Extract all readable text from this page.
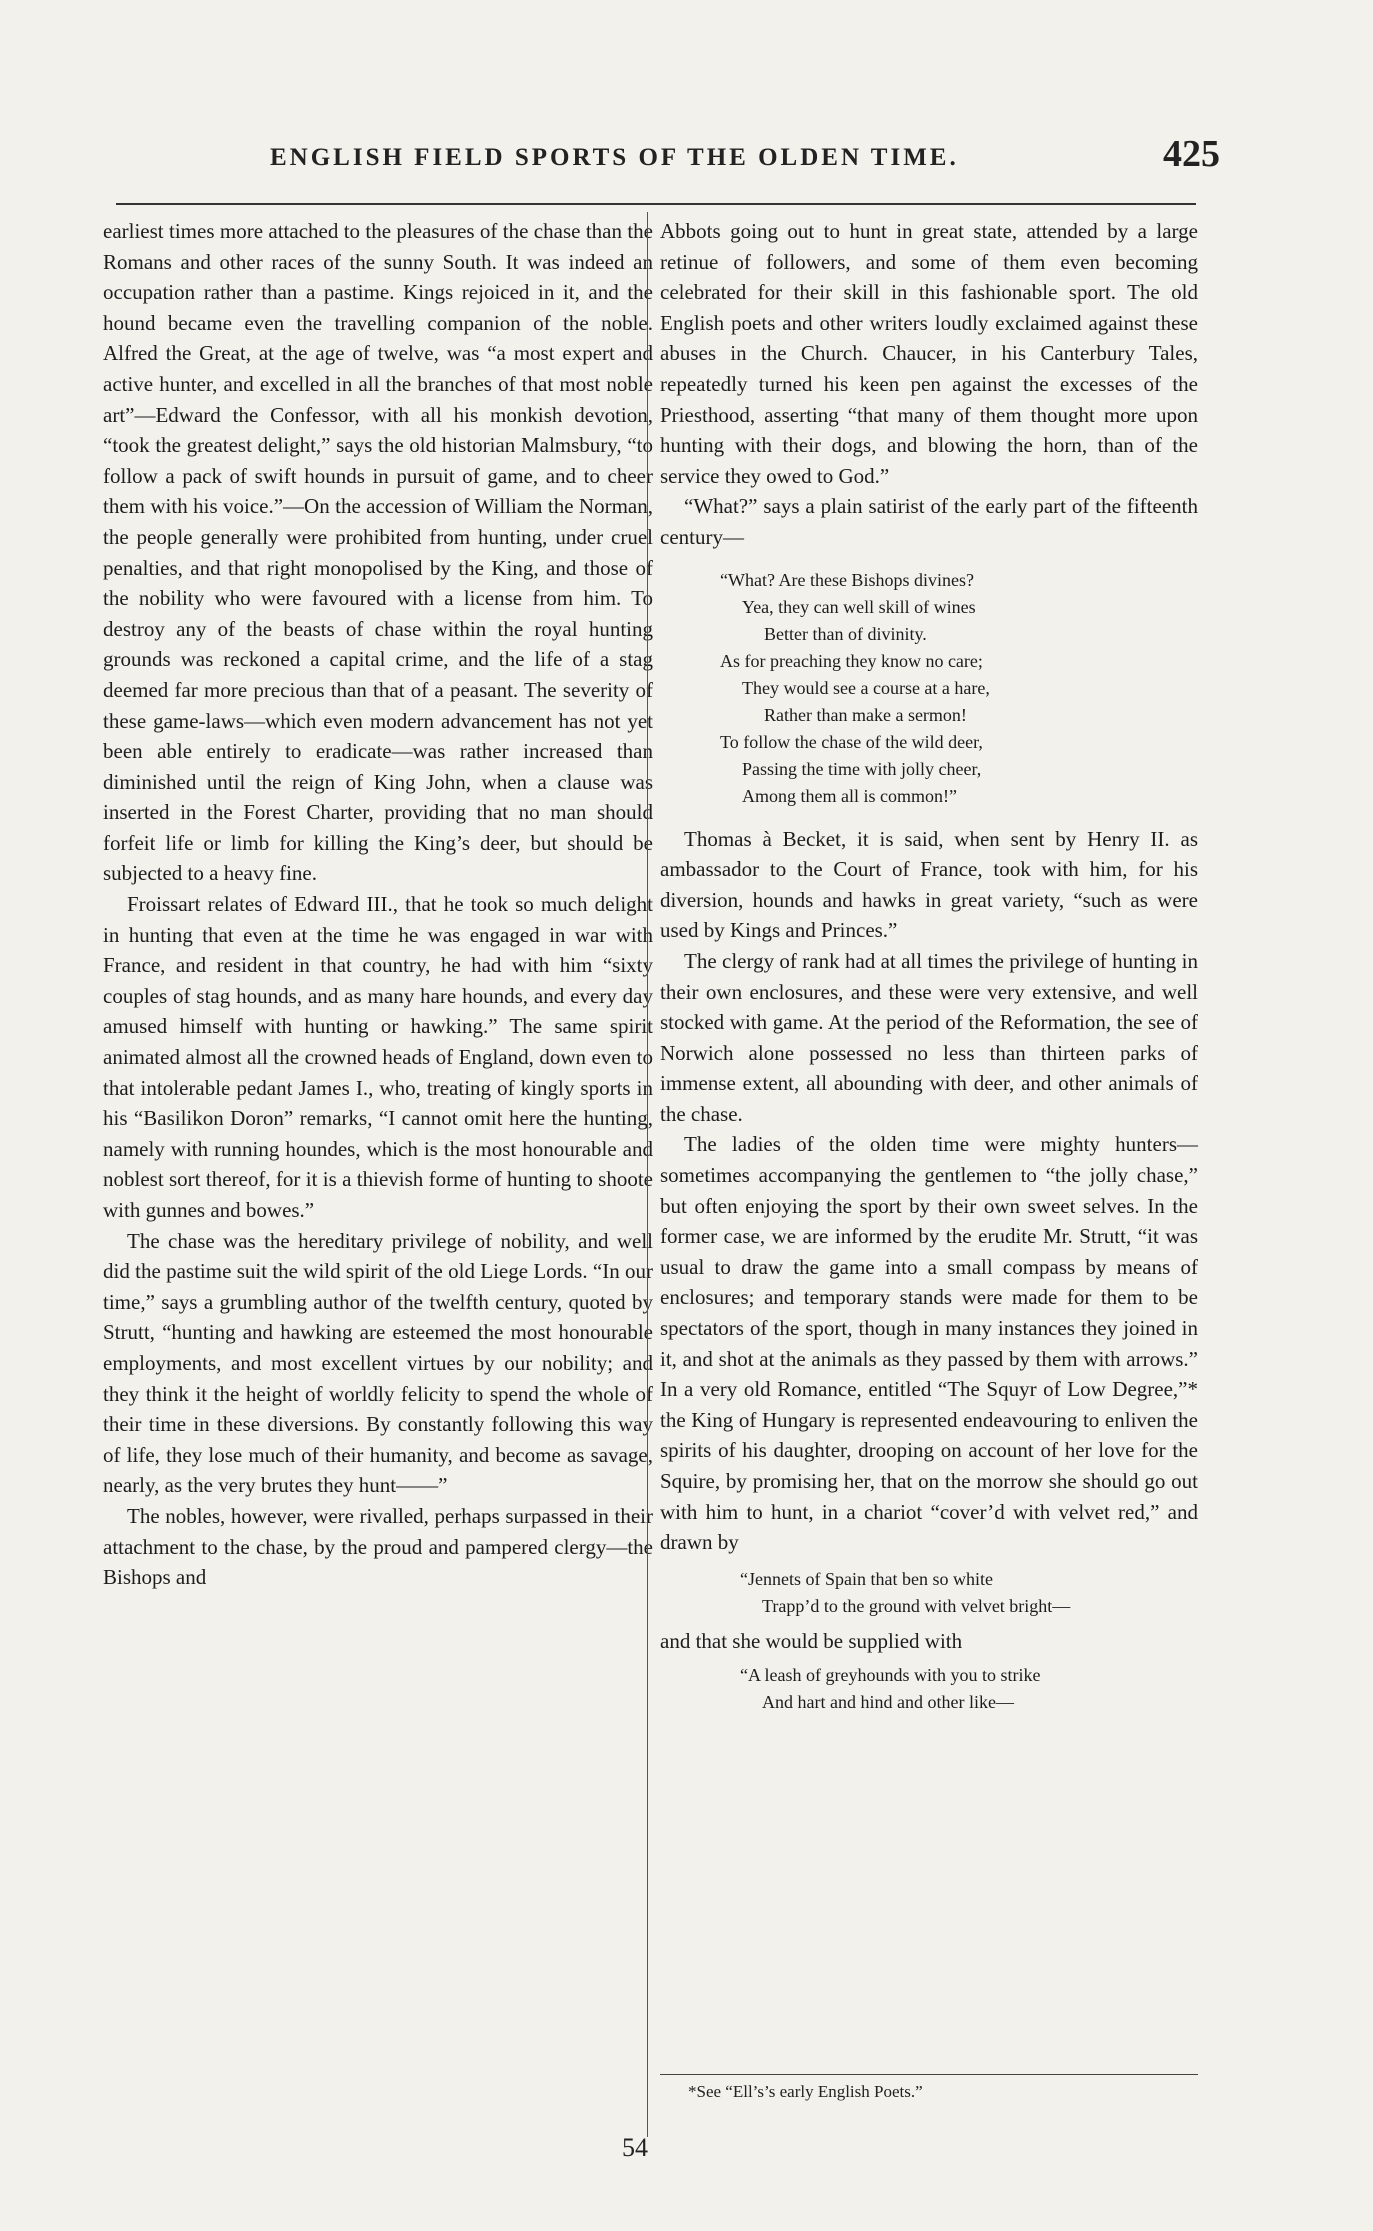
ENGLISH FIELD SPORTS OF THE OLDEN TIME.	425

earliest times more attached to the pleasures of the chase than the Romans and other races of the sunny South. It was indeed an occupation rather than a pastime. Kings rejoiced in it, and the hound became even the travelling companion of the noble. Alfred the Great, at the age of twelve, was “a most expert and active hunter, and excelled in all the branches of that most noble art”—Edward the Confessor, with all his monkish devotion, “took the greatest delight,” says the old historian Malmsbury, “to follow a pack of swift hounds in pursuit of game, and to cheer them with his voice.”—On the accession of William the Norman, the people generally were prohibited from hunting, under cruel penalties, and that right monopolised by the King, and those of the nobility who were favoured with a license from him. To destroy any of the beasts of chase within the royal hunting grounds was reckoned a capital crime, and the life of a stag deemed far more precious than that of a peasant. The severity of these game-laws—which even modern advancement has not yet been able entirely to eradicate—was rather increased than diminished until the reign of King John, when a clause was inserted in the Forest Charter, providing that no man should forfeit life or limb for killing the King’s deer, but should be subjected to a heavy fine.

Froissart relates of Edward III., that he took so much delight in hunting that even at the time he was engaged in war with France, and resident in that country, he had with him “sixty couples of stag hounds, and as many hare hounds, and every day amused himself with hunting or hawking.” The same spirit animated almost all the crowned heads of England, down even to that intolerable pedant James I., who, treating of kingly sports in his “Basilikon Doron” remarks, “I cannot omit here the hunting, namely with running houndes, which is the most honourable and noblest sort thereof, for it is a thievish forme of hunting to shoote with gunnes and bowes.”

The chase was the hereditary privilege of nobility, and well did the pastime suit the wild spirit of the old Liege Lords. “In our time,” says a grumbling author of the twelfth century, quoted by Strutt, “hunting and hawking are esteemed the most honourable employments, and most excellent virtues by our nobility; and they think it the height of worldly felicity to spend the whole of their time in these diversions. By constantly following this way of life, they lose much of their humanity, and become as savage, nearly, as the very brutes they hunt——”

The nobles, however, were rivalled, perhaps surpassed in their attachment to the chase, by the proud and pampered clergy—the Bishops and

Abbots going out to hunt in great state, attended by a large retinue of followers, and some of them even becoming celebrated for their skill in this fashionable sport. The old English poets and other writers loudly exclaimed against these abuses in the Church. Chaucer, in his Canterbury Tales, repeatedly turned his keen pen against the excesses of the Priesthood, asserting “that many of them thought more upon hunting with their dogs, and blowing the horn, than of the service they owed to God.”

“What?” says a plain satirist of the early part of the fifteenth century—

“What? Are these Bishops divines?
Yea, they can well skill of wines
Better than of divinity.
As for preaching they know no care;
They would see a course at a hare,
Rather than make a sermon!
To follow the chase of the wild deer,
Passing the time with jolly cheer,
Among them all is common!”

Thomas à Becket, it is said, when sent by Henry II. as ambassador to the Court of France, took with him, for his diversion, hounds and hawks in great variety, “such as were used by Kings and Princes.”

The clergy of rank had at all times the privilege of hunting in their own enclosures, and these were very extensive, and well stocked with game. At the period of the Reformation, the see of Norwich alone possessed no less than thirteen parks of immense extent, all abounding with deer, and other animals of the chase.

The ladies of the olden time were mighty hunters—sometimes accompanying the gentlemen to “the jolly chase,” but often enjoying the sport by their own sweet selves. In the former case, we are informed by the erudite Mr. Strutt, “it was usual to draw the game into a small compass by means of enclosures; and temporary stands were made for them to be spectators of the sport, though in many instances they joined in it, and shot at the animals as they passed by them with arrows.” In a very old Romance, entitled “The Squyr of Low Degree,”* the King of Hungary is represented endeavouring to enliven the spirits of his daughter, drooping on account of her love for the Squire, by promising her, that on the morrow she should go out with him to hunt, in a chariot “cover’d with velvet red,” and drawn by

“Jennets of Spain that ben so white
Trapp’d to the ground with velvet bright—

and that she would be supplied with

“A leash of greyhounds with you to strike
And hart and hind and other like—
*See “Ell’s’s early English Poets.”
54
